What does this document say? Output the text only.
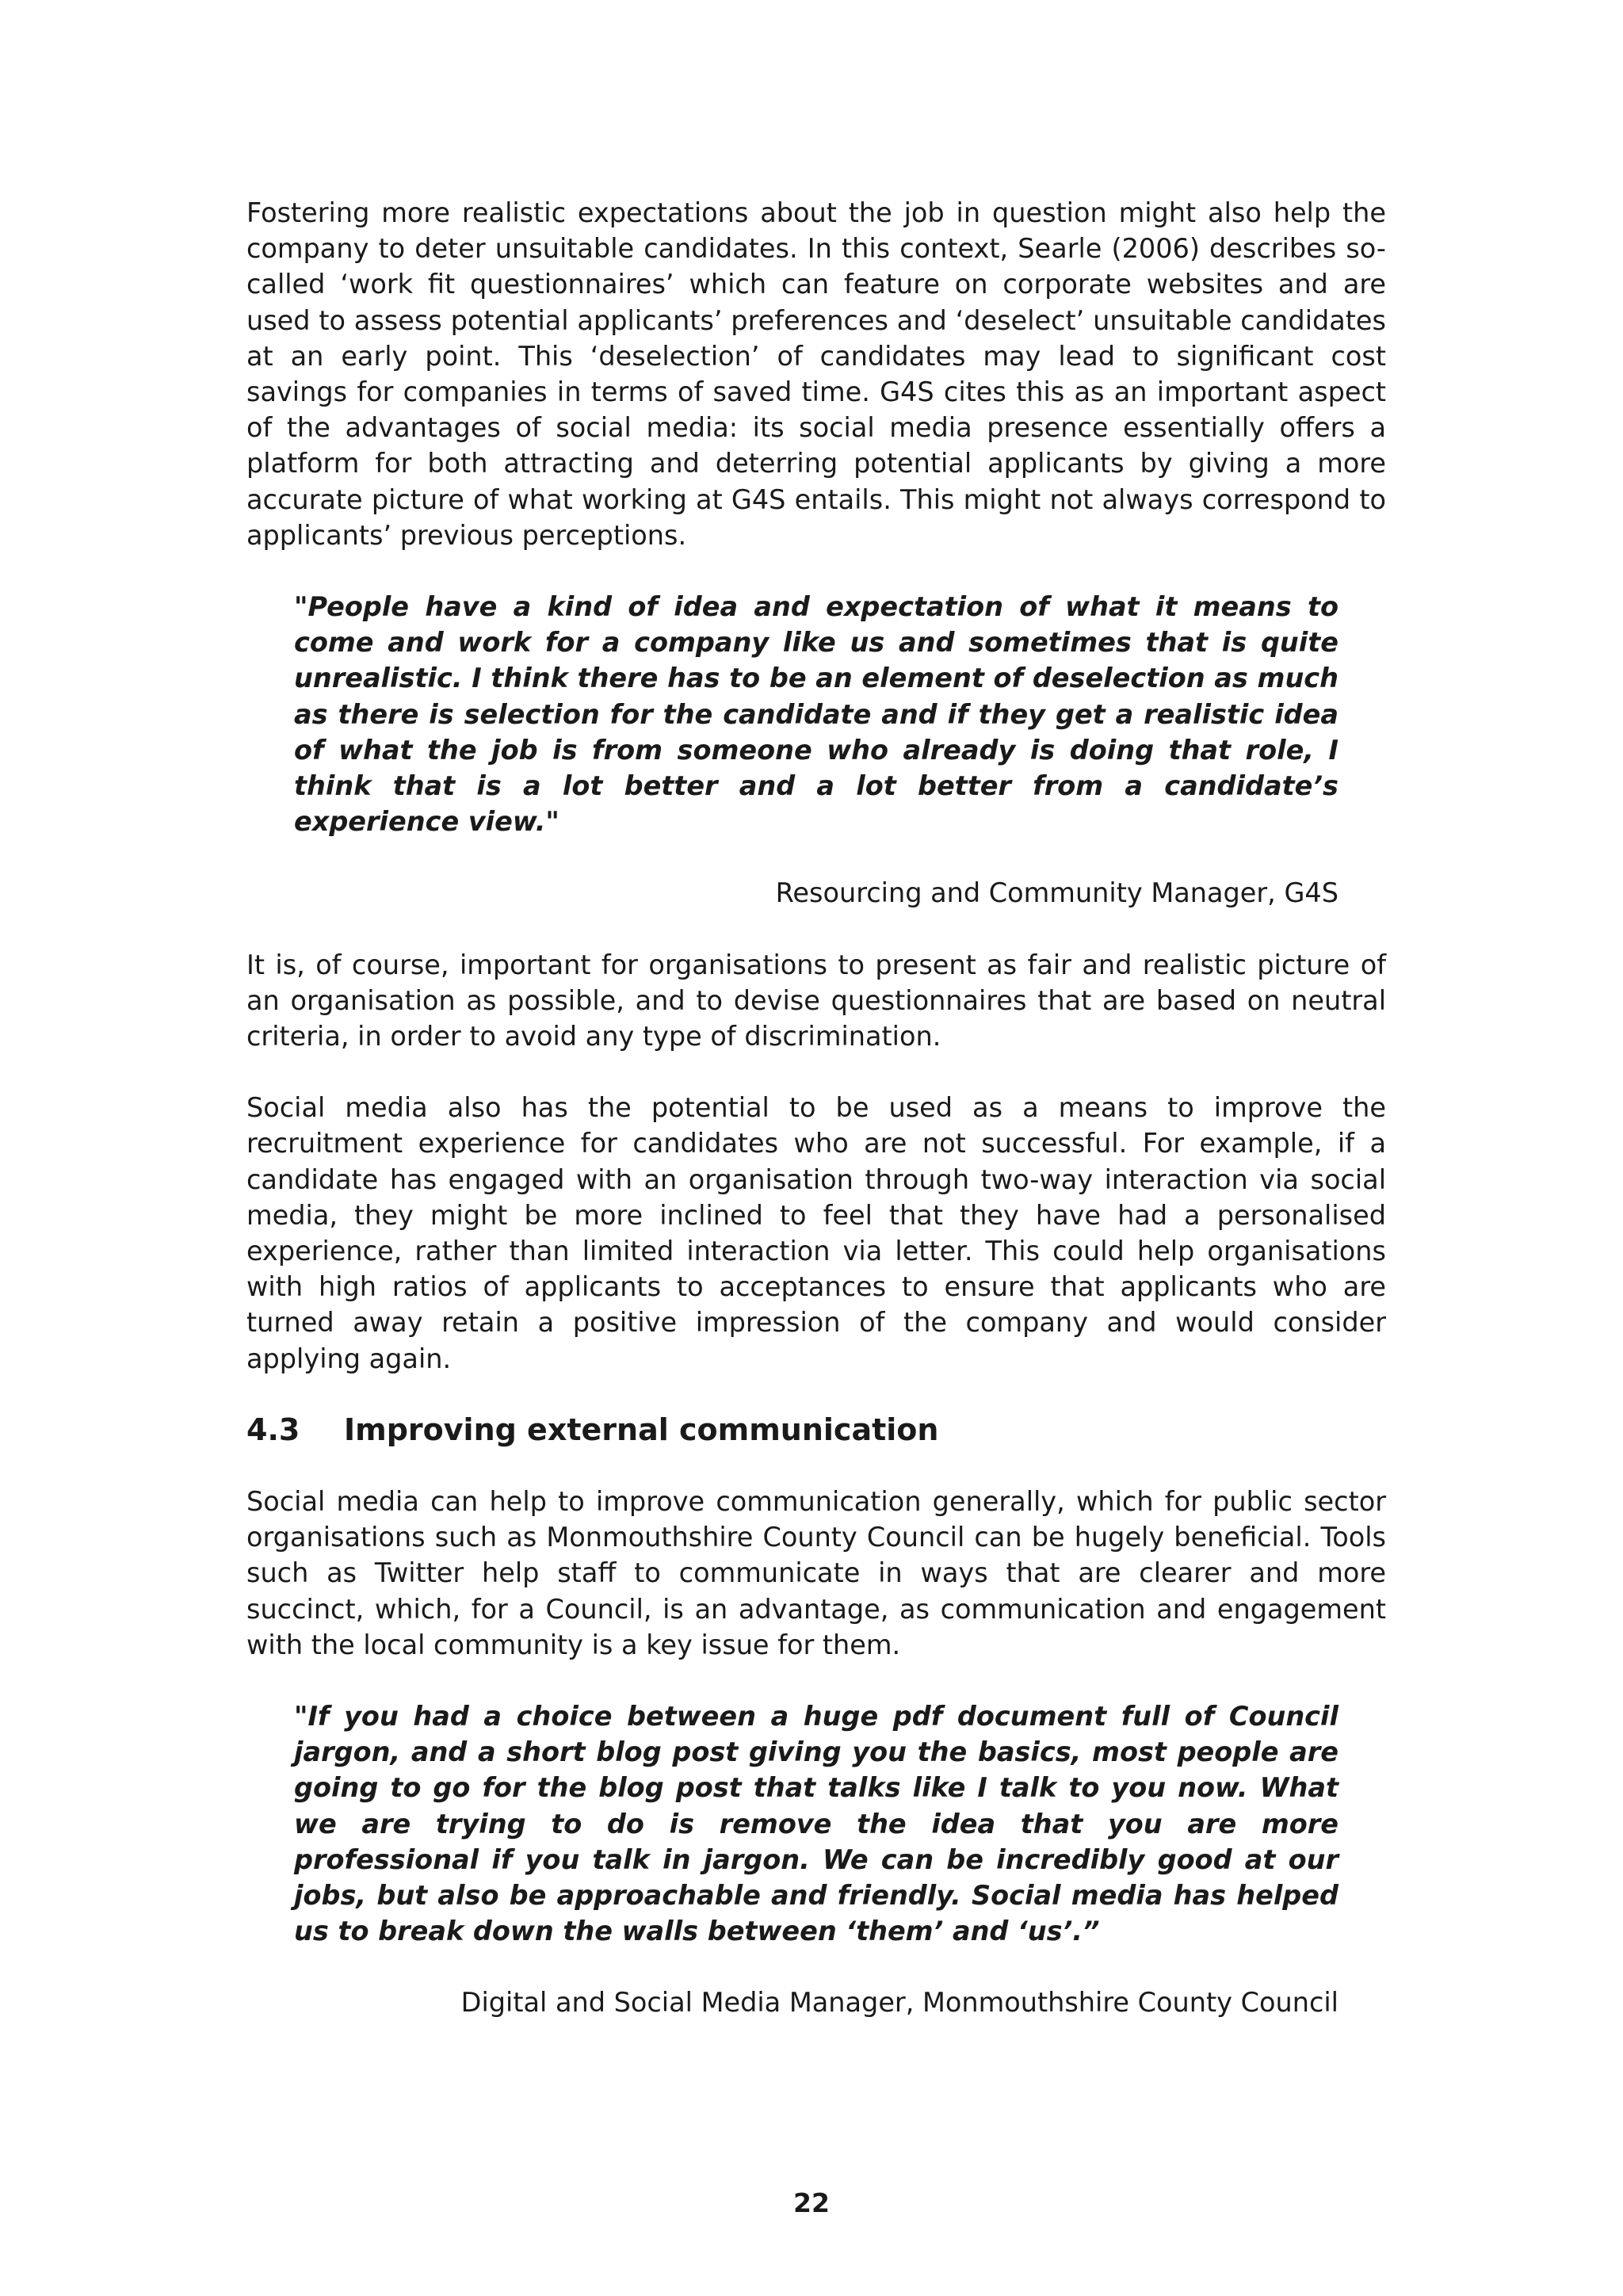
Fostering more realistic expectations about the job in question might also help the company to deter unsuitable candidates. In this context, Searle (2006) describes so-called ‘work fit questionnaires’ which can feature on corporate websites and are used to assess potential applicants’ preferences and ‘deselect’ unsuitable candidates at an early point. This ‘deselection’ of candidates may lead to significant cost savings for companies in terms of saved time. G4S cites this as an important aspect of the advantages of social media: its social media presence essentially offers a platform for both attracting and deterring potential applicants by giving a more accurate picture of what working at G4S entails. This might not always correspond to applicants’ previous perceptions.

"People have a kind of idea and expectation of what it means to come and work for a company like us and sometimes that is quite unrealistic. I think there has to be an element of deselection as much as there is selection for the candidate and if they get a realistic idea of what the job is from someone who already is doing that role, I think that is a lot better and a lot better from a candidate’s experience view."
Resourcing and Community Manager, G4S

It is, of course, important for organisations to present as fair and realistic picture of an organisation as possible, and to devise questionnaires that are based on neutral criteria, in order to avoid any type of discrimination.

Social media also has the potential to be used as a means to improve the recruitment experience for candidates who are not successful. For example, if a candidate has engaged with an organisation through two-way interaction via social media, they might be more inclined to feel that they have had a personalised experience, rather than limited interaction via letter. This could help organisations with high ratios of applicants to acceptances to ensure that applicants who are turned away retain a positive impression of the company and would consider applying again.

4.3	Improving external communication

Social media can help to improve communication generally, which for public sector organisations such as Monmouthshire County Council can be hugely beneficial. Tools such as Twitter help staff to communicate in ways that are clearer and more succinct, which, for a Council, is an advantage, as communication and engagement with the local community is a key issue for them.

"If you had a choice between a huge pdf document full of Council jargon, and a short blog post giving you the basics, most people are going to go for the blog post that talks like I talk to you now. What we are trying to do is remove the idea that you are more professional if you talk in jargon. We can be incredibly good at our jobs, but also be approachable and friendly. Social media has helped us to break down the walls between ‘them’ and ‘us’.”
Digital and Social Media Manager, Monmouthshire County Council
22
